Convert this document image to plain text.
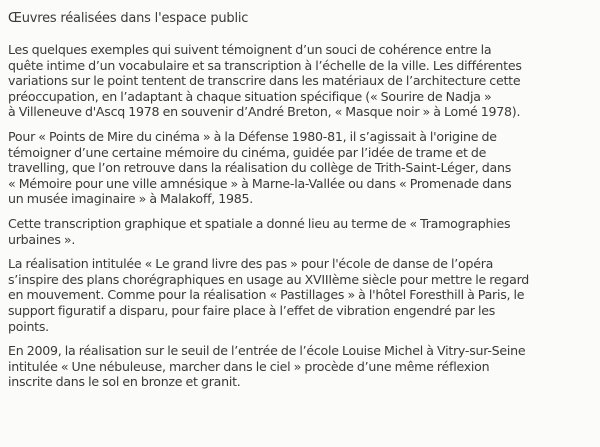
Œuvres réalisées dans l'espace public

Les quelques exemples qui suivent témoignent d’un souci de cohérence entre la
quête intime d’un vocabulaire et sa transcription à l’échelle de la ville. Les différentes
variations sur le point tentent de transcrire dans les matériaux de l’architecture cette
préoccupation, en l’adaptant à chaque situation spécifique (« Sourire de Nadja »
à Villeneuve d'Ascq 1978 en souvenir d’André Breton, « Masque noir » à Lomé 1978).

Pour « Points de Mire du cinéma » à la Défense 1980-81, il s’agissait à l'origine de
témoigner d’une certaine mémoire du cinéma, guidée par l’idée de trame et de
travelling, que l’on retrouve dans la réalisation du collège de Trith-Saint-Léger, dans
« Mémoire pour une ville amnésique » à Marne-la-Vallée ou dans « Promenade dans
un musée imaginaire » à Malakoff, 1985.

Cette transcription graphique et spatiale a donné lieu au terme de « Tramographies
urbaines ».

La réalisation intitulée « Le grand livre des pas » pour l'école de danse de l’opéra
s’inspire des plans chorégraphiques en usage au XVIIIème siècle pour mettre le regard
en mouvement. Comme pour la réalisation « Pastillages » à l'hôtel Foresthill à Paris, le
support figuratif a disparu, pour faire place à l’effet de vibration engendré par les
points.

En 2009, la réalisation sur le seuil de l’entrée de l’école Louise Michel à Vitry-sur-Seine
intitulée « Une nébuleuse, marcher dans le ciel » procède d’une même réflexion
inscrite dans le sol en bronze et granit.
